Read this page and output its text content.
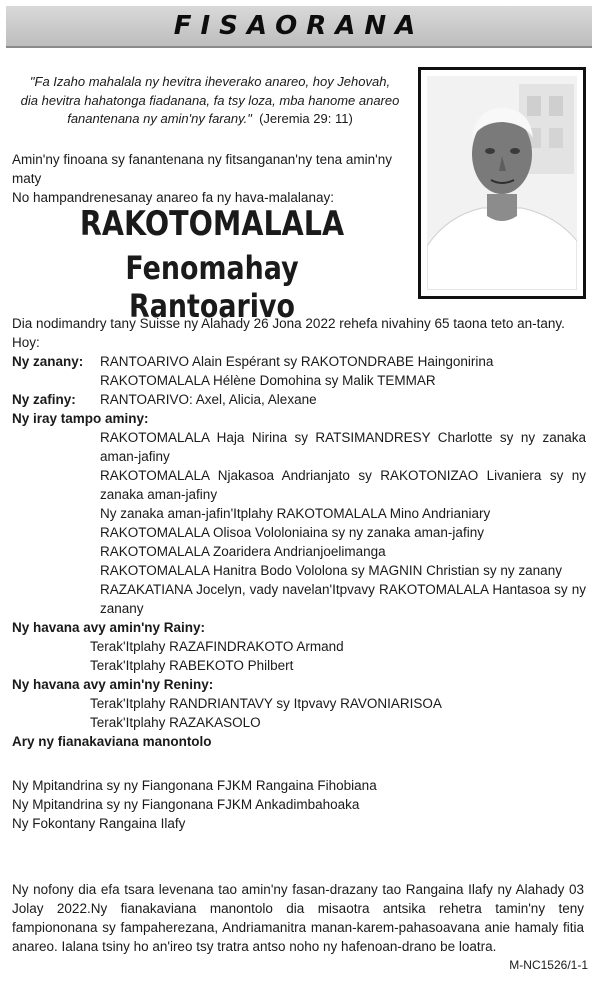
FISAORANA
"Fa Izaho mahalala ny hevitra iheverako anareo, hoy Jehovah,
dia hevitra hahatonga fiadanana, fa tsy loza, mba hanome anareo
fanantenana ny amin'ny farany." (Jeremia 29: 11)
Amin'ny finoana sy fanantenana ny fitsanganan'ny tena amin'ny maty
No hampandrenesanay anareo fa ny hava-malalanay:
RAKOTOMALALA
Fenomahay Rantoarivo

Dia nodimandry tany Suisse ny Alahady 26 Jona 2022 rehefa nivahiny 65 taona teto an-tany.

Hoy:

Ny zanany:	RANTOARIVO Alain Espérant sy RAKOTONDRABE Haingonirina
RAKOTOMALALA Hélène Domohina sy Malik TEMMAR
Ny zafiny:	RANTOARIVO: Axel, Alicia, Alexane
Ny iray tampo aminy:
RAKOTOMALALA Haja Nirina sy RATSIMANDRESY Charlotte sy ny zanaka aman-jafiny
RAKOTOMALALA Njakasoa Andrianjato sy RAKOTONIZAO Livaniera sy ny zanaka aman-jafiny
Ny zanaka aman-jafin'Itplahy RAKOTOMALALA Mino Andrianiary
RAKOTOMALALA Olisoa Vololoniaina sy ny zanaka aman-jafiny
RAKOTOMALALA Zoaridera Andrianjoelimanga
RAKOTOMALALA Hanitra Bodo Vololona sy MAGNIN Christian sy ny zanany
RAZAKATIANA Jocelyn, vady navelan'Itpvavy RAKOTOMALALA Hantasoa sy ny zanany
Ny havana avy amin'ny Rainy:
Terak'Itplahy RAZAFINDRAKOTO Armand
Terak'Itplahy RABEKOTO Philbert
Ny havana avy amin'ny Reniny:
Terak'Itplahy RANDRIANTAVY sy Itpvavy RAVONIARISOA
Terak'Itplahy RAZAKASOLO
Ary ny fianakaviana manontolo
Ny Mpitandrina sy ny Fiangonana FJKM Rangaina Fihobiana
Ny Mpitandrina sy ny Fiangonana FJKM Ankadimbahoaka
Ny Fokontany Rangaina Ilafy
Ny nofony dia efa tsara levenana tao amin'ny fasan-drazany tao Rangaina Ilafy ny Alahady 03 Jolay 2022.Ny fianakaviana manontolo dia misaotra antsika rehetra tamin'ny teny fampiononana sy fampaherezana, Andriamanitra manan-karem-pahasoavana anie hamaly fitia anareo. Ialana tsiny ho an'ireo tsy tratra antso noho ny hafenoan-drano be loatra.
M-NC1526/1-1
